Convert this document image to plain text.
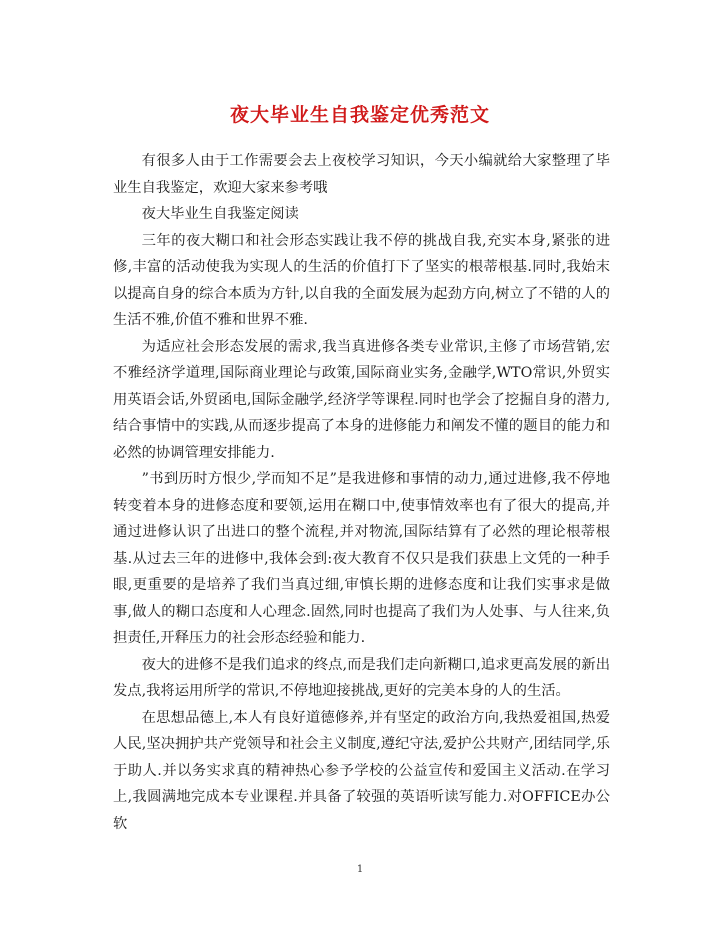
夜大毕业生自我鉴定优秀范文

有很多人由于工作需要会去上夜校学习知识，今天小编就给大家整理了毕业生自我鉴定，欢迎大家来参考哦

夜大毕业生自我鉴定阅读

三年的夜大糊口和社会形态实践让我不停的挑战自我,充实本身,紧张的进修,丰富的活动使我为实现人的生活的价值打下了坚实的根蒂根基.同时,我始末以提高自身的综合本质为方针,以自我的全面发展为起劲方向,树立了不错的人的生活不雅,价值不雅和世界不雅.

为适应社会形态发展的需求,我当真进修各类专业常识,主修了市场营销,宏不雅经济学道理,国际商业理论与政策,国际商业实务,金融学,WTO常识,外贸实用英语会话,外贸函电,国际金融学,经济学等课程.同时也学会了挖掘自身的潜力,结合事情中的实践,从而逐步提高了本身的进修能力和阐发不懂的题目的能力和必然的协调管理安排能力.

”书到历时方恨少,学而知不足”是我进修和事情的动力,通过进修,我不停地转变着本身的进修态度和要领,运用在糊口中,使事情效率也有了很大的提高,并通过进修认识了出进口的整个流程,并对物流,国际结算有了必然的理论根蒂根基.从过去三年的进修中,我体会到:夜大教育不仅只是我们获患上文凭的一种手眼,更重要的是培养了我们当真过细,审慎长期的进修态度和让我们实事求是做事,做人的糊口态度和人心理念.固然,同时也提高了我们为人处事、与人往来,负担责任,开释压力的社会形态经验和能力.

夜大的进修不是我们追求的终点,而是我们走向新糊口,追求更高发展的新出发点,我将运用所学的常识,不停地迎接挑战,更好的完美本身的人的生活。

在思想品德上,本人有良好道德修养,并有坚定的政治方向,我热爱祖国,热爱人民,坚决拥护共产党领导和社会主义制度,遵纪守法,爱护公共财产,团结同学,乐于助人.并以务实求真的精神热心参予学校的公益宣传和爱国主义活动.在学习上,我圆满地完成本专业课程.并具备了较强的英语听读写能力.对OFFICE办公软

1
